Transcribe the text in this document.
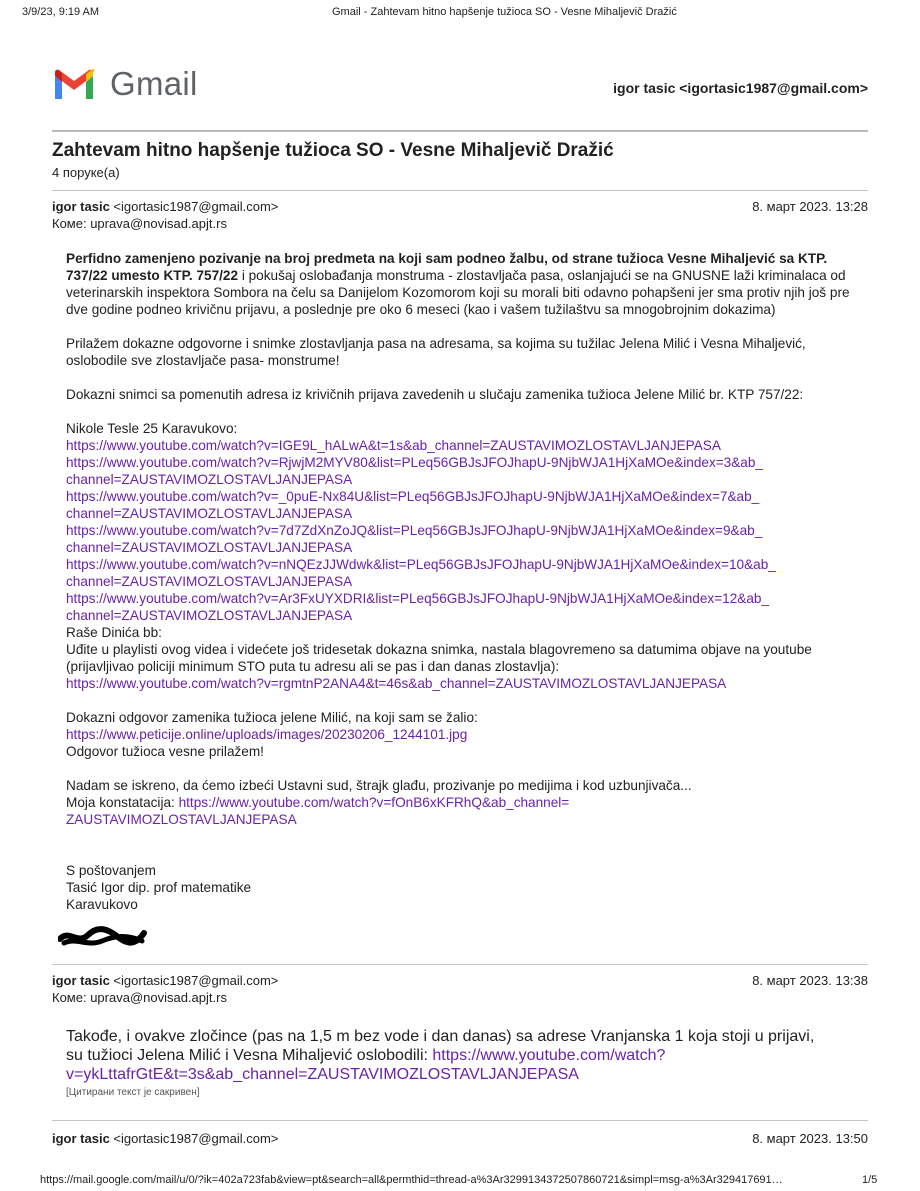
3/9/23, 9:19 AM	Gmail - Zahtevam hitno hapšenje tužioca SO - Vesne Mihaljevič Dražić
Gmail	igor tasic <igortasic1987@gmail.com>
Zahtevam hitno hapšenje tužioca SO - Vesne Mihaljevič Dražić
4 поруке(а)
igor tasic <igortasic1987@gmail.com>	8. март 2023. 13:28
Коме: uprava@novisad.apjt.rs

Perfidno zamenjeno pozivanje na broj predmeta na koji sam podneo žalbu, od strane tužioca Vesne Mihaljević sa KTP. 737/22 umesto KTP. 757/22 i pokušaj oslobađanja monstruma - zlostavljača pasa, oslanjajući se na GNUSNE laži kriminalaca od veterinarskih inspektora Sombora na čelu sa Danijelom Kozomorom koji su morali biti odavno pohapšeni jer sma protiv njih još pre dve godine podneo krivičnu prijavu, a poslednje pre oko 6 meseci (kao i vašem tužilaštvu sa mnogobrojnim dokazima)

Prilažem dokazne odgovorne i snimke zlostavljanja pasa na adresama, sa kojima su tužilac Jelena Milić i Vesna Mihaljević, oslobodile sve zlostavljače pasa- monstrume!

Dokazni snimci sa pomenutih adresa iz krivičnih prijava zavedenih u slučaju zamenika tužioca Jelene Milić br. KTP 757/22:

Nikole Tesle 25 Karavukovo:

https://www.youtube.com/watch?v=IGE9L_hALwA&t=1s&ab_channel=ZAUSTAVIMOZLOSTAVLJANJEPASA

https://www.youtube.com/watch?v=RjwjM2MYV80&list=PLeq56GBJsJFOJhapU-9NjbWJA1HjXaMOe&index=3&ab_

channel=ZAUSTAVIMOZLOSTAVLJANJEPASA

https://www.youtube.com/watch?v=_0puE-Nx84U&list=PLeq56GBJsJFOJhapU-9NjbWJA1HjXaMOe&index=7&ab_

channel=ZAUSTAVIMOZLOSTAVLJANJEPASA

https://www.youtube.com/watch?v=7d7ZdXnZoJQ&list=PLeq56GBJsJFOJhapU-9NjbWJA1HjXaMOe&index=9&ab_

channel=ZAUSTAVIMOZLOSTAVLJANJEPASA

https://www.youtube.com/watch?v=nNQEzJJWdwk&list=PLeq56GBJsJFOJhapU-9NjbWJA1HjXaMOe&index=10&ab_

channel=ZAUSTAVIMOZLOSTAVLJANJEPASA

https://www.youtube.com/watch?v=Ar3FxUYXDRI&list=PLeq56GBJsJFOJhapU-9NjbWJA1HjXaMOe&index=12&ab_

channel=ZAUSTAVIMOZLOSTAVLJANJEPASA

Raše Dinića bb:

Uđite u playlisti ovog videa i videćete još tridesetak dokazna snimka, nastala blagovremeno sa datumima objave na youtube (prijavljivao policiji minimum STO puta tu adresu ali se pas i dan danas zlostavlja):

https://www.youtube.com/watch?v=rgmtnP2ANA4&t=46s&ab_channel=ZAUSTAVIMOZLOSTAVLJANJEPASA

Dokazni odgovor zamenika tužioca jelene Milić, na koji sam se žalio:

https://www.peticije.online/uploads/images/20230206_1244101.jpg

Odgovor tužioca vesne prilažem!

Nadam se iskreno, da ćemo izbeći Ustavni sud, štrajk glađu, prozivanje po medijima i kod uzbunjivača...

Moja konstatacija: https://www.youtube.com/watch?v=fOnB6xKFRhQ&ab_channel=

ZAUSTAVIMOZLOSTAVLJANJEPASA

S poštovanjem

Tasić Igor dip. prof matematike

Karavukovo

igor tasic <igortasic1987@gmail.com>	8. март 2023. 13:38
Коме: uprava@novisad.apjt.rs
Takođe, i ovakve zločince (pas na 1,5 m bez vode i dan danas) sa adrese Vranjanska 1 koja stoji u prijavi, su tužioci Jelena Milić i Vesna Mihaljević oslobodili: https://www.youtube.com/watch?
v=ykLttafrGtE&t=3s&ab_channel=ZAUSTAVIMOZLOSTAVLJANJEPASA
[Цитирани текст је сакривен]
igor tasic <igortasic1987@gmail.com>	8. март 2023. 13:50
https://mail.google.com/mail/u/0/?ik=402a723fab&view=pt&search=all&permthid=thread-a%3Ar3299134372507860721&simpl=msg-a%3Ar329417691…	1/5
